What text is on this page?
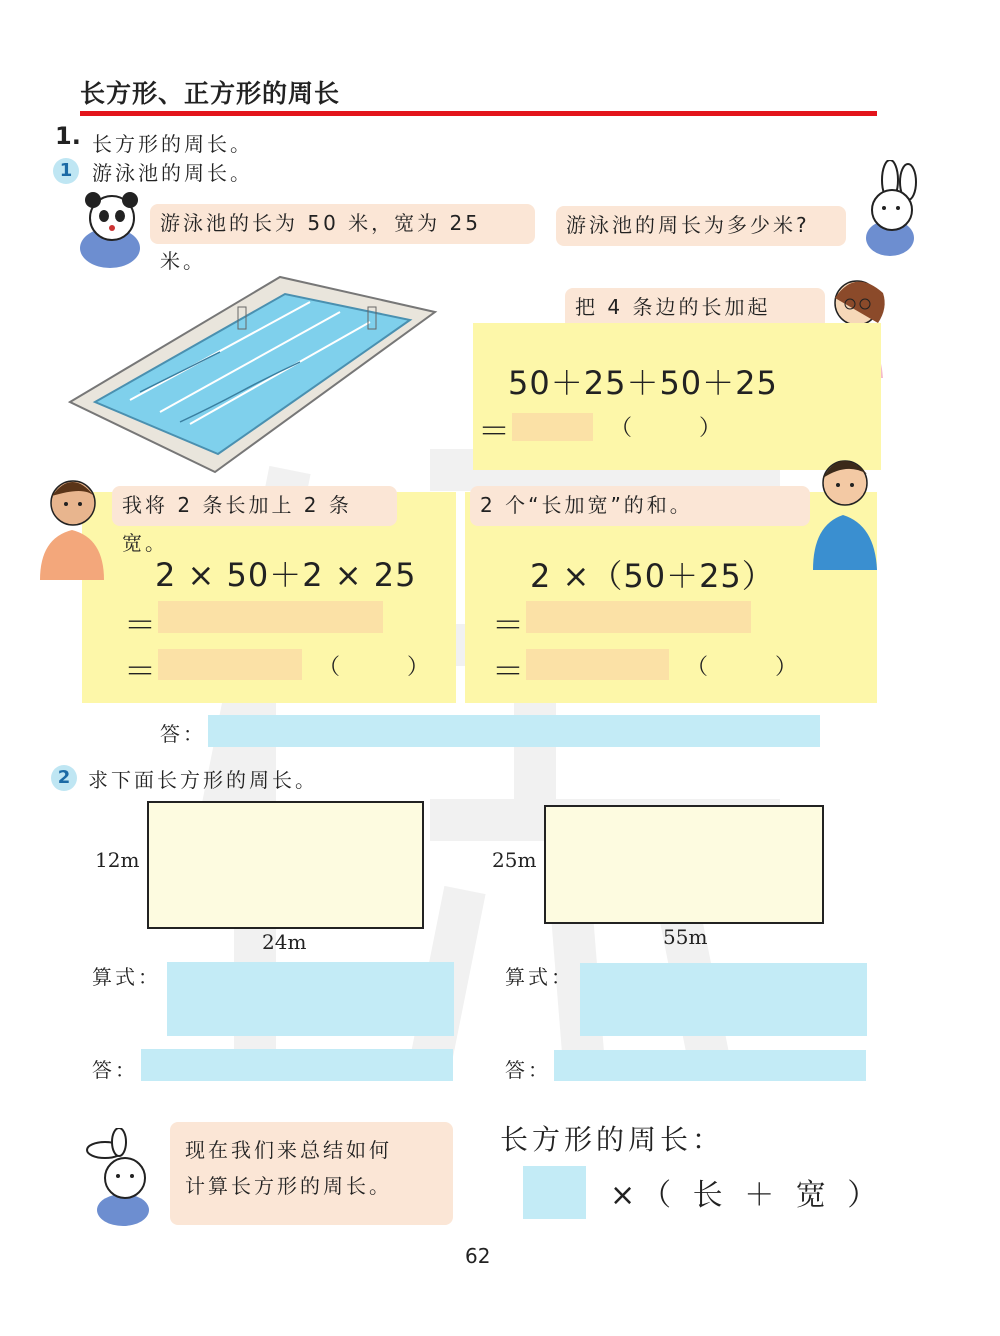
长方形、正方形的周长
1. 长方形的周长。
1 游泳池的周长。
游泳池的长为 50 米，宽为 25 米。
游泳池的周长为多少米?
把 4 条边的长加起
50＋25＋50＋25
＝	（ ）
我将 2 条长加上 2 条宽。
2 × 50＋2 × 25
＝
＝	（ ）
2 个“长加宽”的和。
2 ×（50＋25）
＝
＝	（ ）
答：
2 求下面长方形的周长。
12m
24m
25m
55m
算式：	算式：
答：	答：
现在我们来总结如何
计算长方形的周长。
长方形的周长：
×（ 长 ＋ 宽 ）
62
